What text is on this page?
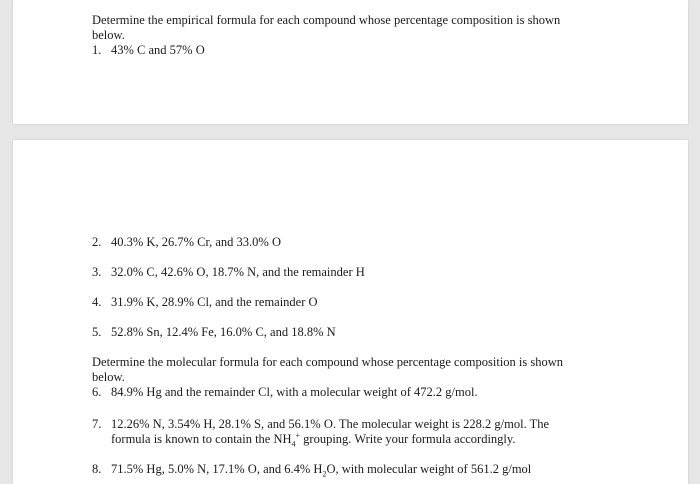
Determine the empirical formula for each compound whose percentage composition is shown
below.
1. 43% C and 57% O
2. 40.3% K, 26.7% Cr, and 33.0% O
3. 32.0% C, 42.6% O, 18.7% N, and the remainder H
4. 31.9% K, 28.9% Cl, and the remainder O
5. 52.8% Sn, 12.4% Fe, 16.0% C, and 18.8% N
Determine the molecular formula for each compound whose percentage composition is shown
below.
6. 84.9% Hg and the remainder Cl, with a molecular weight of 472.2 g/mol.
7. 12.26% N, 3.54% H, 28.1% S, and 56.1% O. The molecular weight is 228.2 g/mol. The
formula is known to contain the $NH_4^+$ grouping. Write your formula accordingly.
8. 71.5% Hg, 5.0% N, 17.1% O, and 6.4% $H_2O$, with molecular weight of 561.2 g/mol
